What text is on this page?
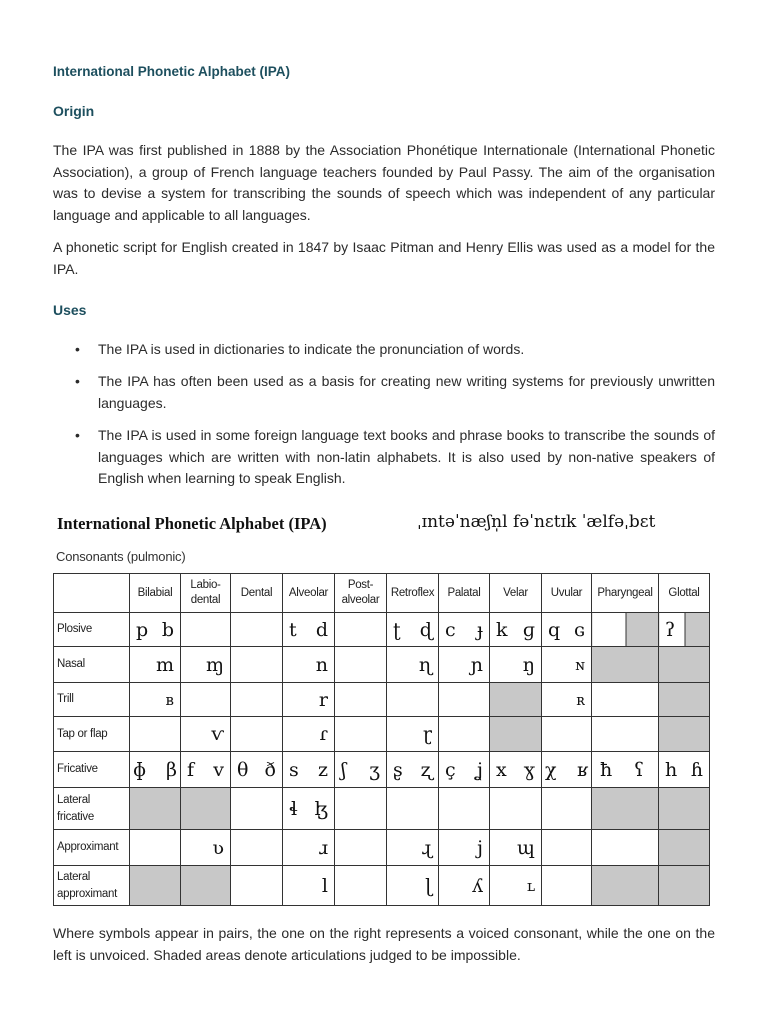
International Phonetic Alphabet (IPA)
Origin
The IPA was first published in 1888 by the Association Phonétique Internationale (International Phonetic Association), a group of French language teachers founded by Paul Passy. The aim of the organisation was to devise a system for transcribing the sounds of speech which was independent of any particular language and applicable to all languages.
A phonetic script for English created in 1847 by Isaac Pitman and Henry Ellis was used as a model for the IPA.
Uses
• The IPA is used in dictionaries to indicate the pronunciation of words.
• The IPA has often been used as a basis for creating new writing systems for previously unwritten languages.
• The IPA is used in some foreign language text books and phrase books to transcribe the sounds of languages which are written with non-latin alphabets. It is also used by non-native speakers of English when learning to speak English.
International Phonetic Alphabet (IPA)	ˌɪntəˈnæʃn̩l fəˈnɛtɪk ˈælfəˌbɛt
Consonants (pulmonic)
	Bilabial	Labio-dental	Dental	Alveolar	Post-alveolar	Retroflex	Palatal	Velar	Uvular	Pharyngeal	Glottal
Plosive	p b			t d		ʈ ɖ	c ɟ	k ɡ	q ɢ		ʔ

Nasal	m	ɱ		n		ɳ	ɲ	ŋ	ɴ		

Trill	ʙ			r					ʀ		

Tap or flap		ⱱ		ɾ		ɽ					

Fricative	ɸ β	f v	θ ð	s z	ʃ ʒ	ʂ ʐ	ç ʝ	x ɣ	χ ʁ	ħ ʕ	h ɦ

Lateral fricative				ɬ ɮ							

Approximant		ʋ		ɹ		ɻ	j	ɰ			

Lateral approximant				l		ɭ	ʎ	ʟ			

Where symbols appear in pairs, the one on the right represents a voiced consonant, while the one on the left is unvoiced. Shaded areas denote articulations judged to be impossible.
